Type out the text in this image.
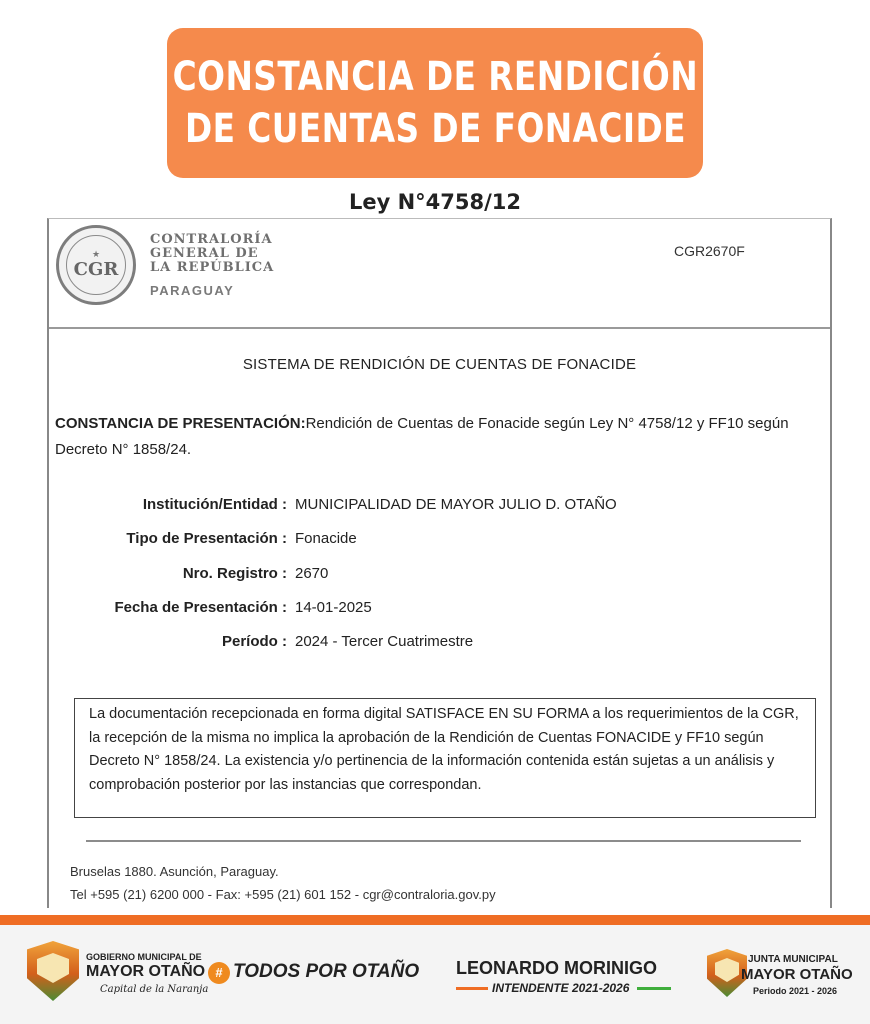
CONSTANCIA DE RENDICIÓN
DE CUENTAS DE FONACIDE
Ley N°4758/12
★
CGR
CONTRALORÍA
GENERAL DE
LA REPÚBLICA
PARAGUAY
CGR2670F
SISTEMA DE RENDICIÓN DE CUENTAS DE FONACIDE
CONSTANCIA DE PRESENTACIÓN:Rendición de Cuentas de Fonacide según Ley N° 4758/12 y FF10 según Decreto N° 1858/24.
Institución/Entidad : MUNICIPALIDAD DE MAYOR JULIO D. OTAÑO
Tipo de Presentación : Fonacide
Nro. Registro : 2670
Fecha de Presentación : 14-01-2025
Período : 2024 - Tercer Cuatrimestre
La documentación recepcionada en forma digital SATISFACE EN SU FORMA a los requerimientos de la CGR, la recepción de la misma no implica la aprobación de la Rendición de Cuentas FONACIDE y FF10 según Decreto N° 1858/24. La existencia y/o pertinencia de la información contenida están sujetas a un análisis y comprobación posterior por las instancias que correspondan.
Bruselas 1880. Asunción, Paraguay.
Tel +595 (21) 6200 000 - Fax: +595 (21) 601 152 - cgr@contraloria.gov.py
GOBIERNO MUNICIPAL DE
MAYOR OTAÑO
Capital de la Naranja
# TODOS POR OTAÑO LEONARDO MORINIGO
INTENDENTE 2021-2026
JUNTA MUNICIPAL
MAYOR OTAÑO
Periodo 2021 - 2026
